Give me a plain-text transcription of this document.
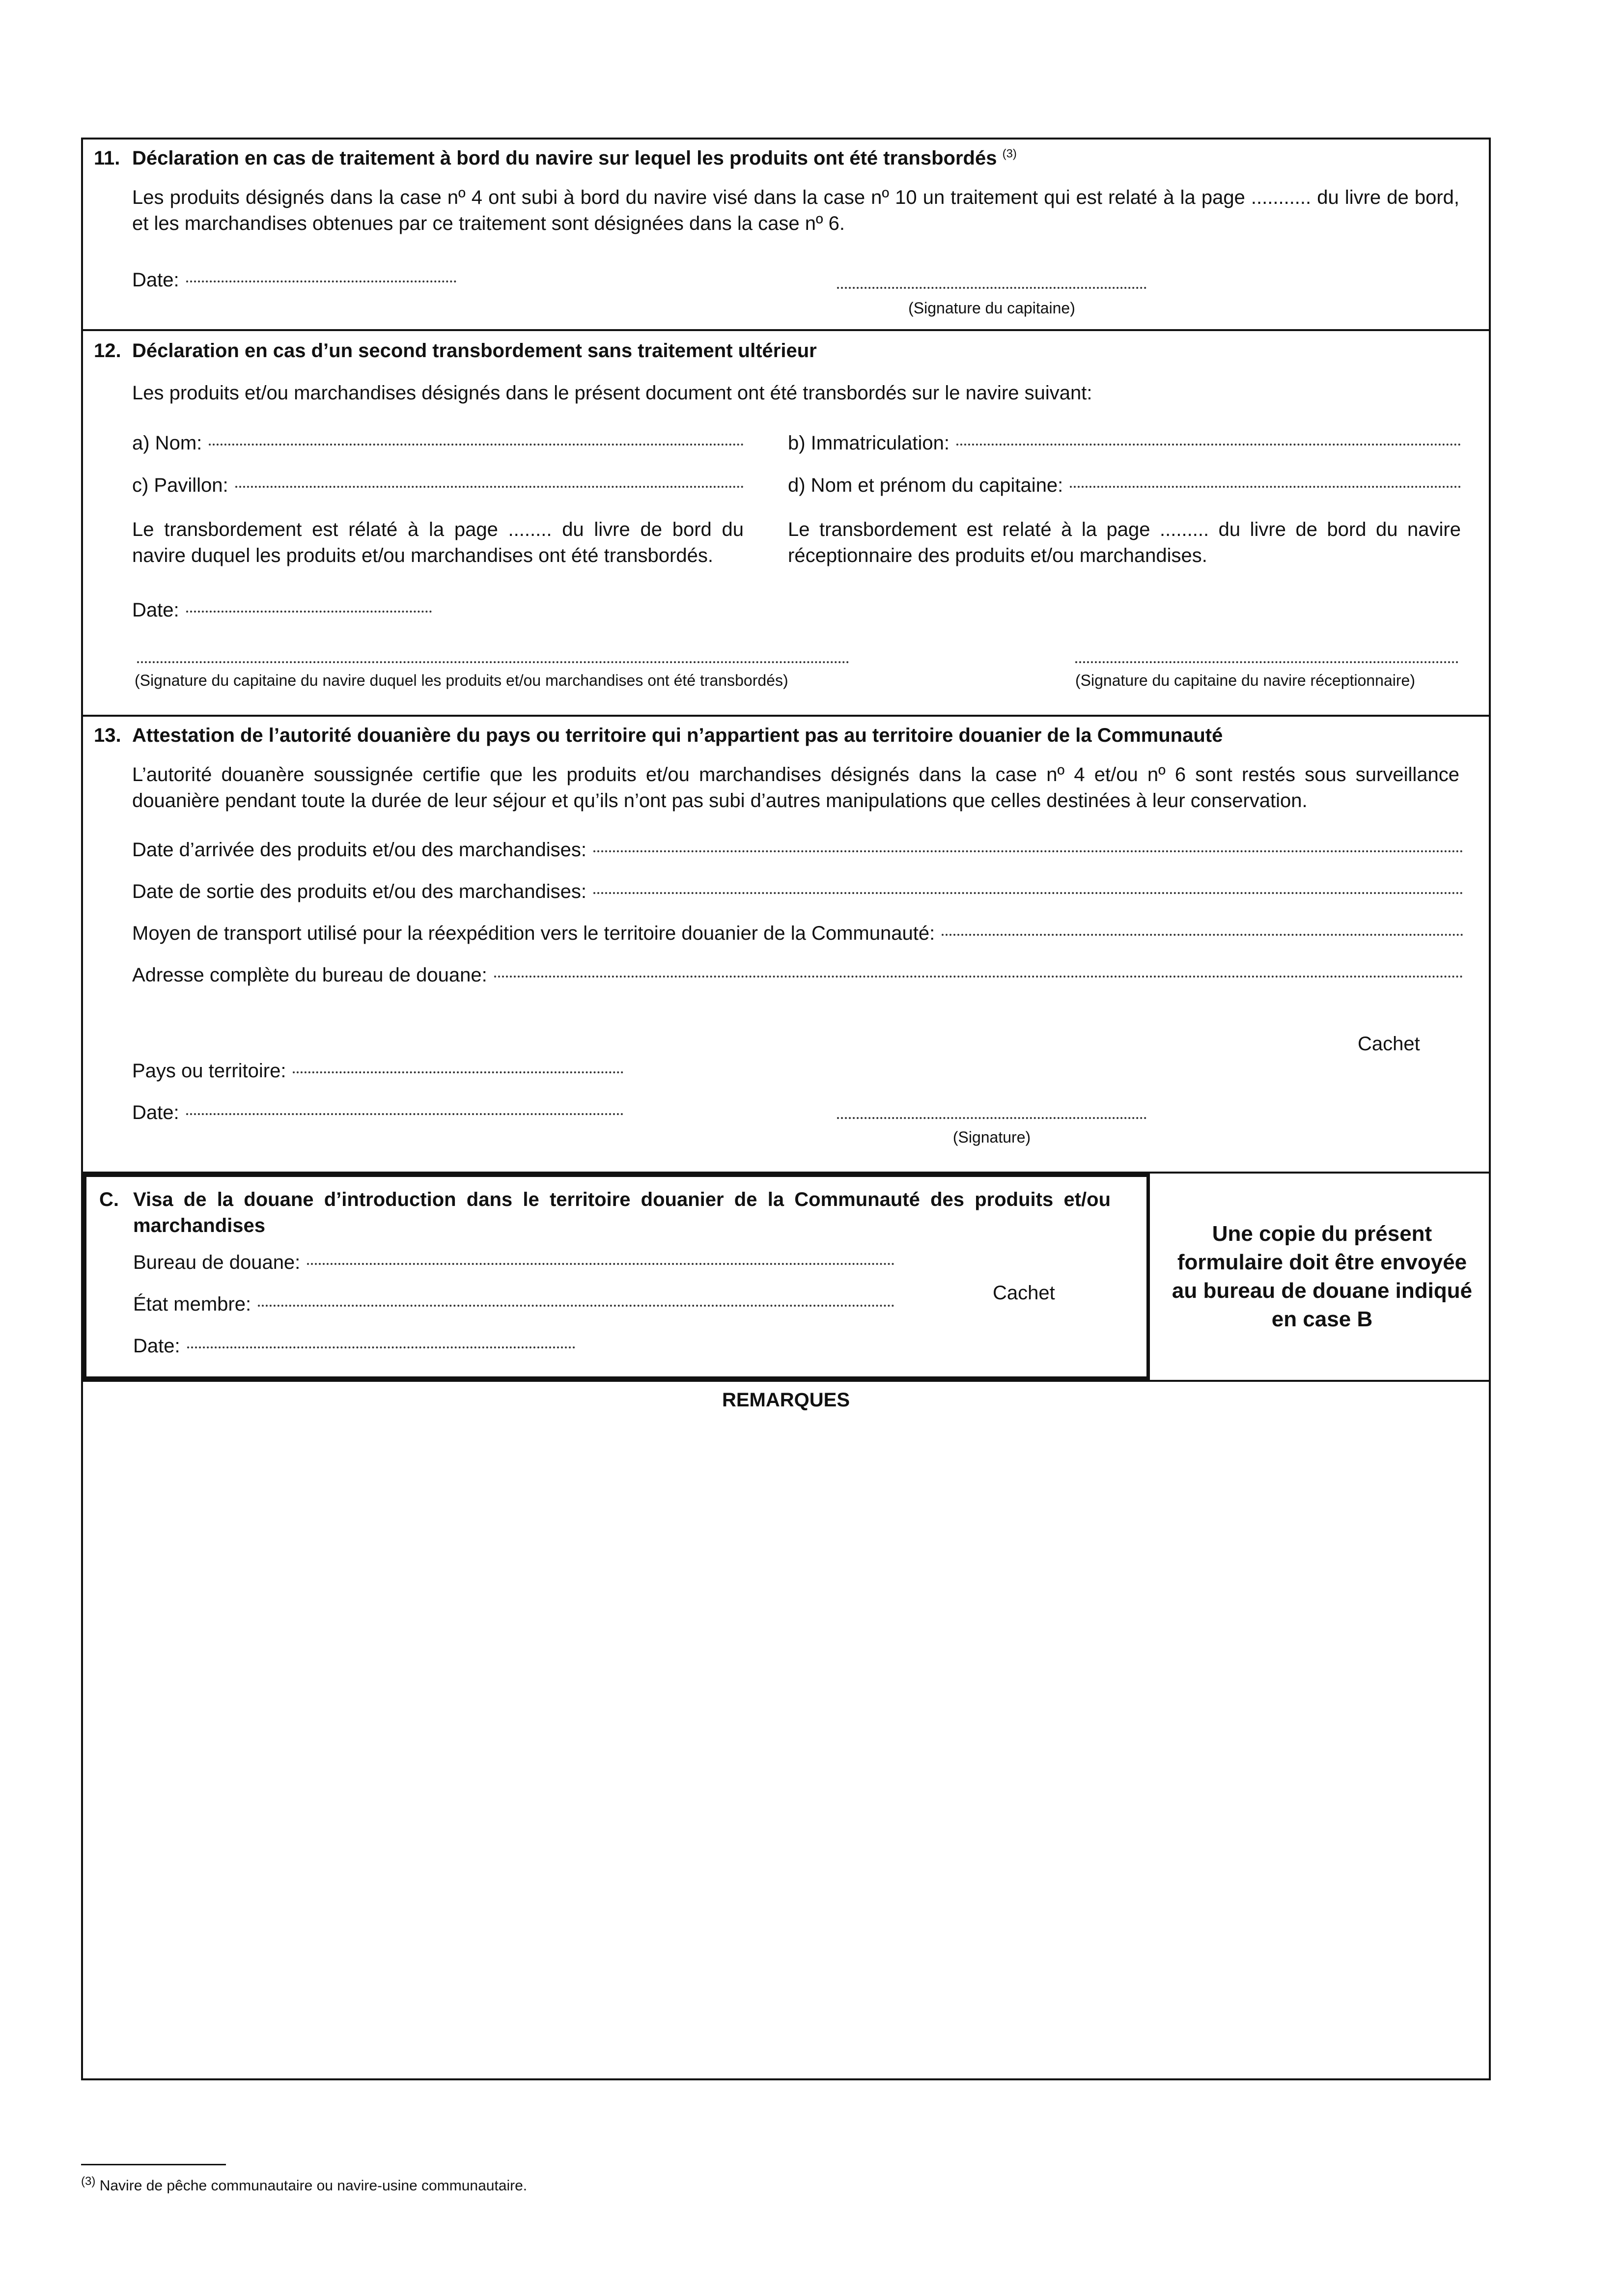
11. Déclaration en cas de traitement à bord du navire sur lequel les produits ont été transbordés $^{(3)}$
Les produits désignés dans la case nº 4 ont subi à bord du navire visé dans la case nº 10 un traitement qui est relaté à la page ........... du livre de bord, et les marchandises obtenues par ce traitement sont désignées dans la case nº 6.
Date:
(Signature du capitaine)
12. Déclaration en cas d’un second transbordement sans traitement ultérieur
Les produits et/ou marchandises désignés dans le présent document ont été transbordés sur le navire suivant:
a) Nom:	b) Immatriculation:
c) Pavillon:	d) Nom et prénom du capitaine:
Le transbordement est rélaté à la page ........ du livre de bord du navire duquel les produits et/ou marchandises ont été transbordés.
Le transbordement est relaté à la page ......... du livre de bord du navire réceptionnaire des produits et/ou marchandises.
Date:
(Signature du capitaine du navire duquel les produits et/ou marchandises ont été transbordés)	(Signature du capitaine du navire réceptionnaire)
13. Attestation de l’autorité douanière du pays ou territoire qui n’appartient pas au territoire douanier de la Communauté
L’autorité douanère soussignée certifie que les produits et/ou marchandises désignés dans la case nº 4 et/ou nº 6 sont restés sous surveillance douanière pendant toute la durée de leur séjour et qu’ils n’ont pas subi d’autres manipulations que celles destinées à leur conservation.
Date d’arrivée des produits et/ou des marchandises:
Date de sortie des produits et/ou des marchandises:
Moyen de transport utilisé pour la réexpédition vers le territoire douanier de la Communauté:
Adresse complète du bureau de douane:
Cachet
Pays ou territoire:
Date:
(Signature)
C. Visa de la douane d’introduction dans le territoire douanier de la Communauté des produits et/ou marchandises
Bureau de douane:
État membre:
Date:
Cachet
Une copie du présent formulaire doit être envoyée au bureau de douane indiqué en case B
REMARQUES
$^{(3)}$ Navire de pêche communautaire ou navire-usine communautaire.
